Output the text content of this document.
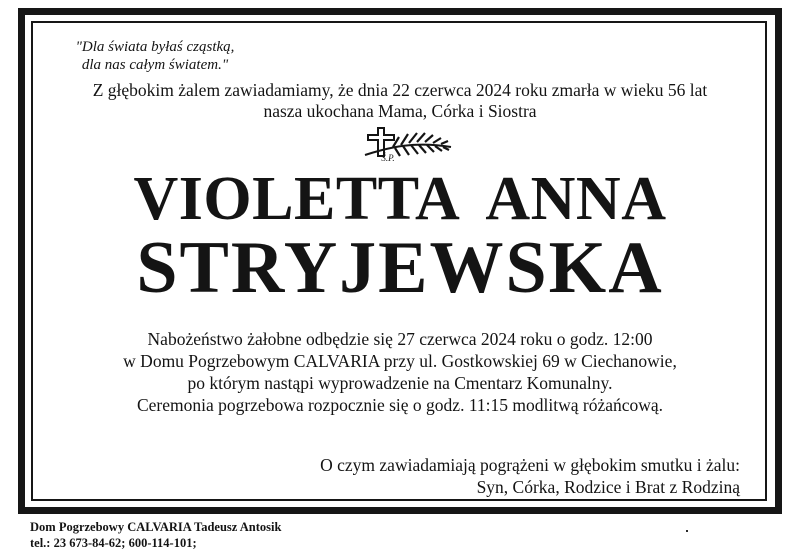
"Dla świata byłaś cząstką,
dla nas całym światem."
Z głębokim żalem zawiadamiamy, że dnia 22 czerwca 2024 roku zmarła w wieku 56 lat
nasza ukochana Mama, Córka i Siostra
Ś.P.
VIOLETTA ANNA
STRYJEWSKA
Nabożeństwo żałobne odbędzie się 27 czerwca 2024 roku o godz. 12:00
w Domu Pogrzebowym CALVARIA przy ul. Gostkowskiej 69 w Ciechanowie,
po którym nastąpi wyprowadzenie na Cmentarz Komunalny.
Ceremonia pogrzebowa rozpocznie się o godz. 11:15 modlitwą różańcową.
O czym zawiadamiają pogrążeni w głębokim smutku i żalu:
Syn, Córka, Rodzice i Brat z Rodziną
Dom Pogrzebowy CALVARIA Tadeusz Antosik
tel.: 23 673-84-62; 600-114-101;
